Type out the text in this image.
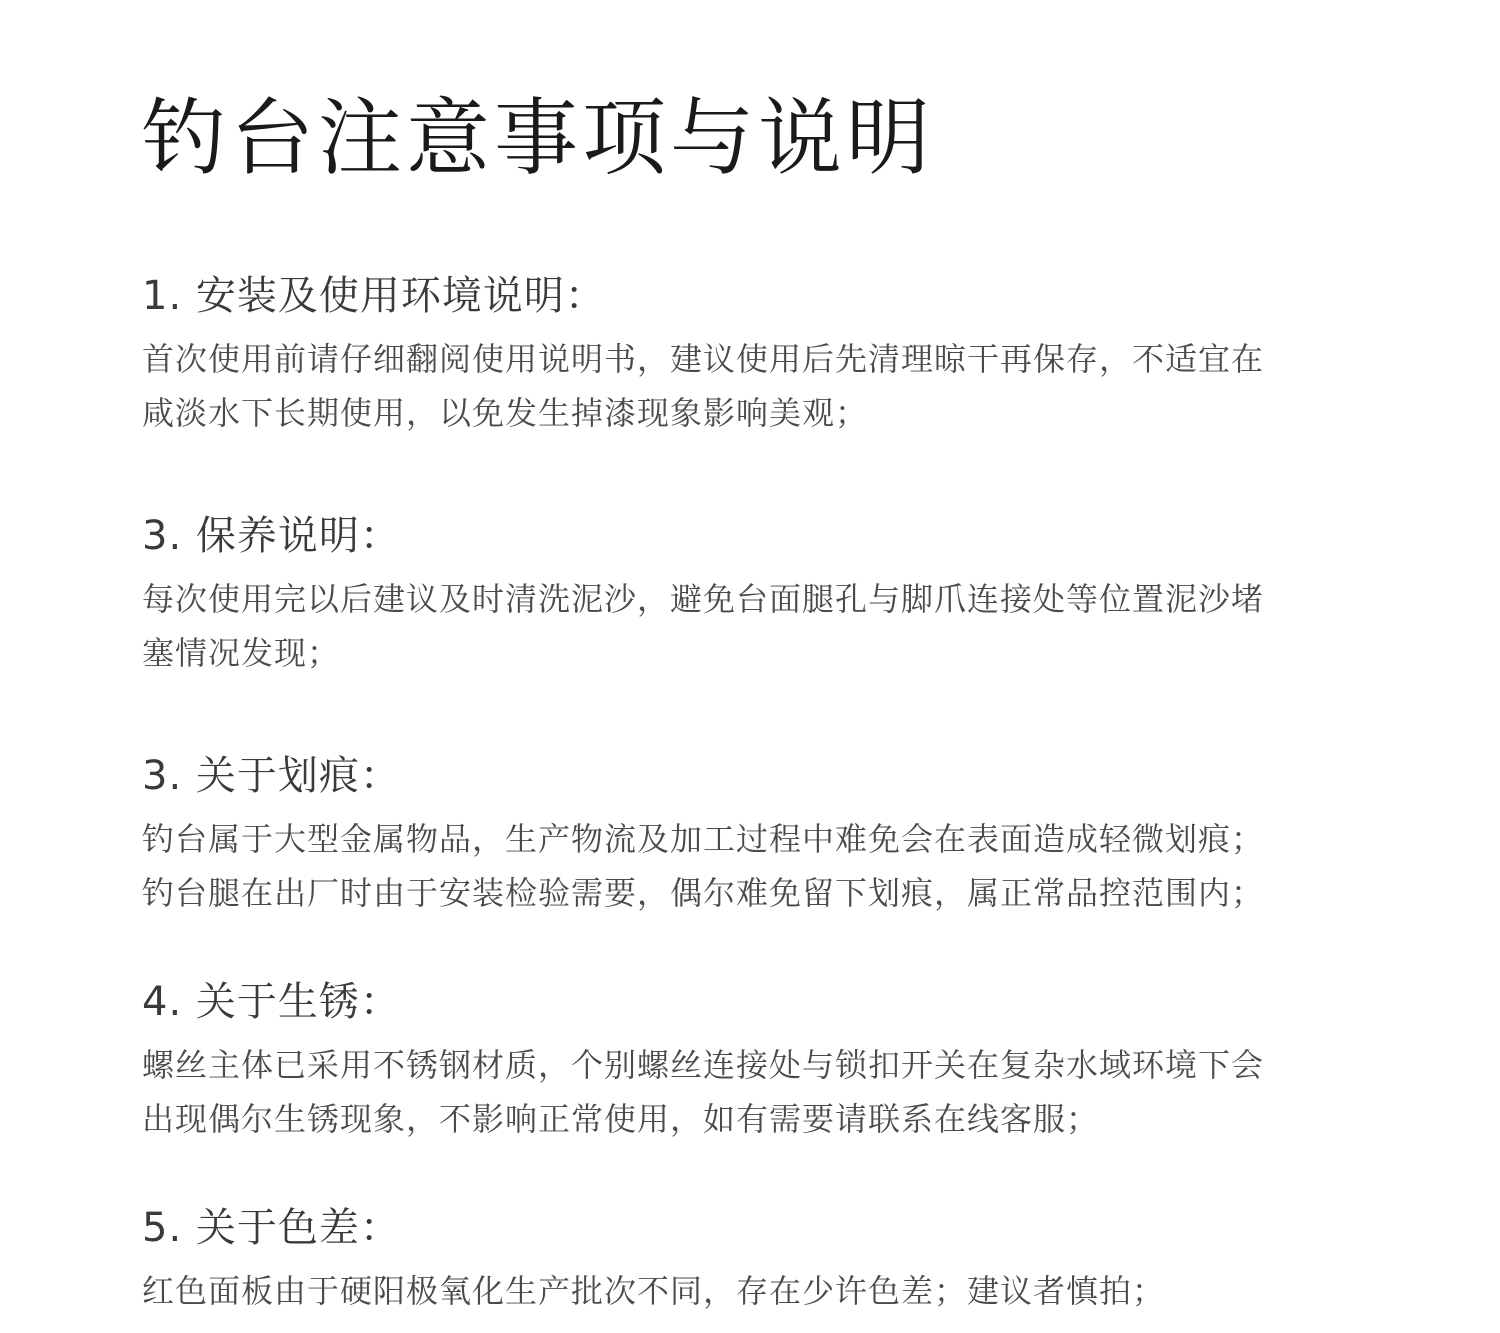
钓台注意事项与说明

1. 安装及使用环境说明：

首次使用前请仔细翻阅使用说明书，建议使用后先清理晾干再保存，不适宜在
咸淡水下长期使用，以免发生掉漆现象影响美观；

3. 保养说明：

每次使用完以后建议及时清洗泥沙，避免台面腿孔与脚爪连接处等位置泥沙堵
塞情况发现；

3. 关于划痕：

钓台属于大型金属物品，生产物流及加工过程中难免会在表面造成轻微划痕；
钓台腿在出厂时由于安装检验需要，偶尔难免留下划痕，属正常品控范围内；

4. 关于生锈：

螺丝主体已采用不锈钢材质，个别螺丝连接处与锁扣开关在复杂水域环境下会
出现偶尔生锈现象，不影响正常使用，如有需要请联系在线客服；

5. 关于色差：

红色面板由于硬阳极氧化生产批次不同，存在少许色差；建议者慎拍；
